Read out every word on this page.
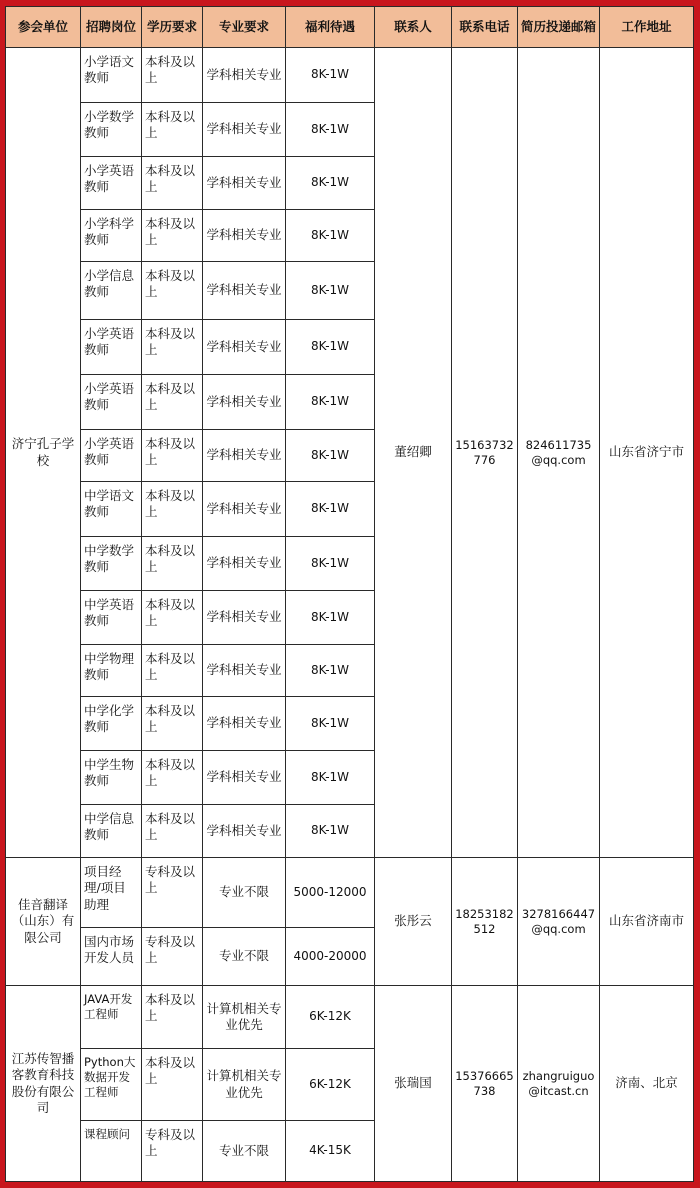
参会单位	招聘岗位	学历要求	专业要求	福利待遇	联系人	联系电话	简历投递邮箱	工作地址
济宁孔子学校	小学语文教师	本科及以上	学科相关专业	8K-1W	董绍卿	15163732776	824611735@qq.com	山东省济宁市
	小学数学教师	本科及以上	学科相关专业	8K-1W				
	小学英语教师	本科及以上	学科相关专业	8K-1W				
	小学科学教师	本科及以上	学科相关专业	8K-1W				
	小学信息教师	本科及以上	学科相关专业	8K-1W				
	小学英语教师	本科及以上	学科相关专业	8K-1W				
	小学英语教师	本科及以上	学科相关专业	8K-1W				
	小学英语教师	本科及以上	学科相关专业	8K-1W				
	中学语文教师	本科及以上	学科相关专业	8K-1W				
	中学数学教师	本科及以上	学科相关专业	8K-1W				
	中学英语教师	本科及以上	学科相关专业	8K-1W				
	中学物理教师	本科及以上	学科相关专业	8K-1W				
	中学化学教师	本科及以上	学科相关专业	8K-1W				
	中学生物教师	本科及以上	学科相关专业	8K-1W				
	中学信息教师	本科及以上	学科相关专业	8K-1W				
佳音翻译（山东）有限公司	项目经理/项目助理	专科及以上	专业不限	5000-12000	张彤云	18253182512	3278166447@qq.com	山东省济南市
	国内市场开发人员	专科及以上	专业不限	4000-20000				
江苏传智播客教育科技股份有限公司	JAVA开发工程师	本科及以上	计算机相关专业优先	6K-12K	张瑞国	15376665738	zhangruiguo@itcast.cn	济南、北京
	Python大数据开发工程师	本科及以上	计算机相关专业优先	6K-12K				
	课程顾问	专科及以上	专业不限	4K-15K				
